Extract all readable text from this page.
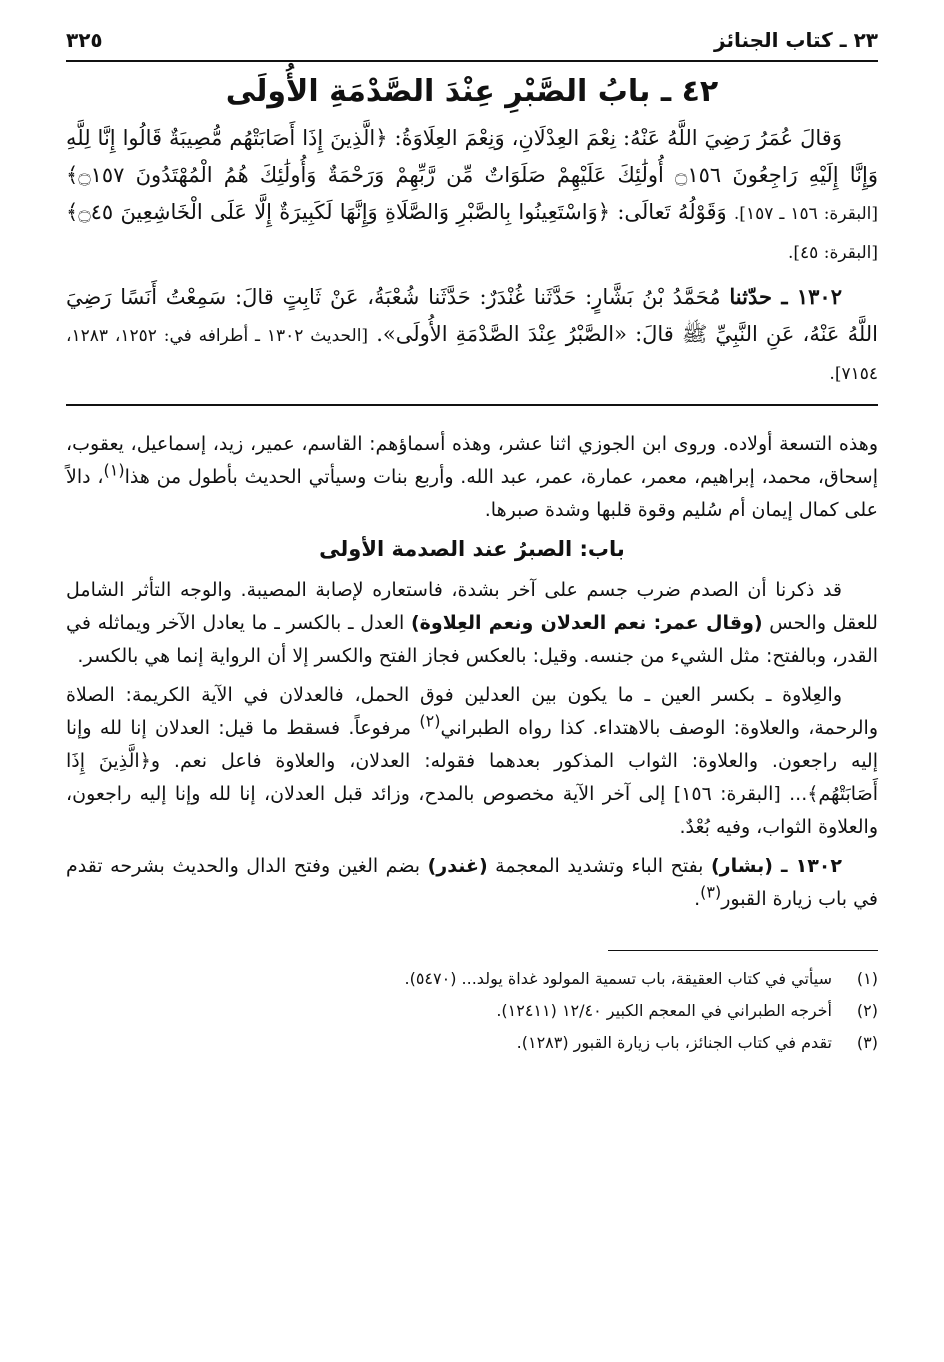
٢٣ ـ كتاب الجنائز
٣٢٥
٤٢ ـ بابُ الصَّبْرِ عِنْدَ الصَّدْمَةِ الأُولَى

وَقالَ عُمَرُ رَضِيَ اللَّهُ عَنْهُ: نِعْمَ العِدْلَانِ، وَنِعْمَ العِلَاوَةُ: ﴿الَّذِينَ إِذَا أَصَابَتْهُم مُّصِيبَةٌ قَالُوا إِنَّا لِلَّهِ وَإِنَّا إِلَيْهِ رَاجِعُونَ ۝١٥٦ أُولَٰئِكَ عَلَيْهِمْ صَلَوَاتٌ مِّن رَّبِّهِمْ وَرَحْمَةٌ وَأُولَٰئِكَ هُمُ الْمُهْتَدُونَ ۝١٥٧﴾ [البقرة: ١٥٦ ـ ١٥٧]. وَقَوْلُهُ تَعالَى: ﴿وَاسْتَعِينُوا بِالصَّبْرِ وَالصَّلَاةِ وَإِنَّهَا لَكَبِيرَةٌ إِلَّا عَلَى الْخَاشِعِينَ ۝٤٥﴾ [البقرة: ٤٥].

١٣٠٢ ـ حدّثنا مُحَمَّدُ بْنُ بَشَّارٍ: حَدَّثَنا غُنْدَرٌ: حَدَّثَنا شُعْبَةُ، عَنْ ثَابِتٍ قالَ: سَمِعْتُ أَنَسًا رَضِيَ اللَّهُ عَنْهُ، عَنِ النَّبِيِّ ﷺ قالَ: «الصَّبْرُ عِنْدَ الصَّدْمَةِ الأُولَى». [الحديث ١٣٠٢ ـ أطرافه في: ١٢٥٢، ١٢٨٣، ٧١٥٤].

وهذه التسعة أولاده. وروى ابن الجوزي اثنا عشر، وهذه أسماؤهم: القاسم، عمير، زيد، إسماعيل، يعقوب، إسحاق، محمد، إبراهيم، معمر، عمارة، عمر، عبد الله. وأربع بنات وسيأتي الحديث بأطول من هذا$^{(١)}$، دالاً على كمال إيمان أم سُليم وقوة قلبها وشدة صبرها.

باب: الصبرُ عند الصدمة الأولى

قد ذكرنا أن الصدم ضرب جسم على آخر بشدة، فاستعاره لإصابة المصيبة. والوجه التأثر الشامل للعقل والحس (وقال عمر: نعم العدلان ونعم العِلاوة) العدل ـ بالكسر ـ ما يعادل الآخر ويماثله في القدر، وبالفتح: مثل الشيء من جنسه. وقيل: بالعكس فجاز الفتح والكسر إلا أن الرواية إنما هي بالكسر.

والعِلاوة ـ بكسر العين ـ ما يكون بين العدلين فوق الحمل، فالعدلان في الآية الكريمة: الصلاة والرحمة، والعلاوة: الوصف بالاهتداء. كذا رواه الطبراني$^{(٢)}$ مرفوعاً. فسقط ما قيل: العدلان إنا لله وإنا إليه راجعون. والعلاوة: الثواب المذكور بعدهما فقوله: العدلان، والعلاوة فاعل نعم. و﴿الَّذِينَ إِذَا أَصَابَتْهُم﴾... [البقرة: ١٥٦] إلى آخر الآية مخصوص بالمدح، وزائد قبل العدلان، إنا لله وإنا إليه راجعون، والعلاوة الثواب، وفيه بُعْدٌ.

١٣٠٢ ـ (بشار) بفتح الباء وتشديد المعجمة (غندر) بضم الغين وفتح الدال والحديث بشرحه تقدم في باب زيارة القبور$^{(٣)}$.

(١)
سيأتي في كتاب العقيقة، باب تسمية المولود غداة يولد... (٥٤٧٠).
(٢)
أخرجه الطبراني في المعجم الكبير ١٢/٤٠ (١٢٤١١).
(٣)
تقدم في كتاب الجنائز، باب زيارة القبور (١٢٨٣).
